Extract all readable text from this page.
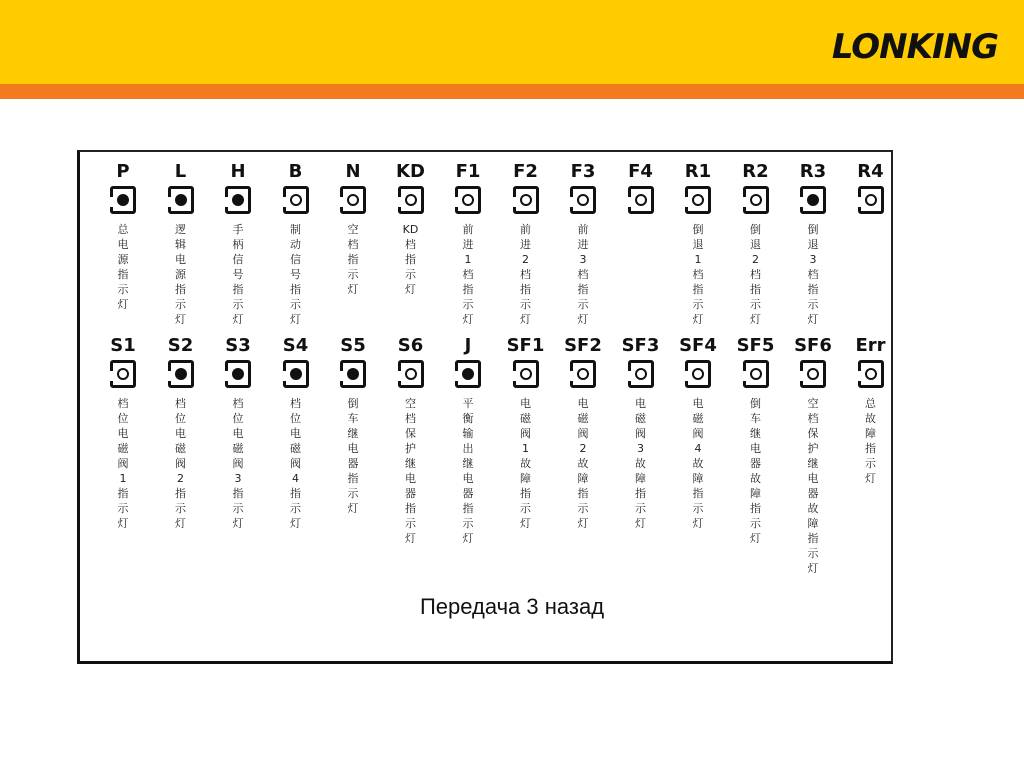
LONKING
P
总电源指示灯
L
逻辑电源指示灯
H
手柄信号指示灯
B
制动信号指示灯
N
空档指示灯
KD
KD档指示灯
F1
前进1档指示灯
F2
前进2档指示灯
F3
前进3档指示灯
F4	R1
倒退1档指示灯
R2
倒退2档指示灯
R3
倒退3档指示灯
R4
S1
档位电磁阀1指示灯
S2
档位电磁阀2指示灯
S3
档位电磁阀3指示灯
S4
档位电磁阀4指示灯
S5
倒车继电器指示灯
S6
空档保护继电器指示灯
J
平衡输出继电器指示灯
SF1
电磁阀1故障指示灯
SF2
电磁阀2故障指示灯
SF3
电磁阀3故障指示灯
SF4
电磁阀4故障指示灯
SF5
倒车继电器故障指示灯
SF6
空档保护继电器故障指示灯
Err
总故障指示灯
Передача 3 назад
